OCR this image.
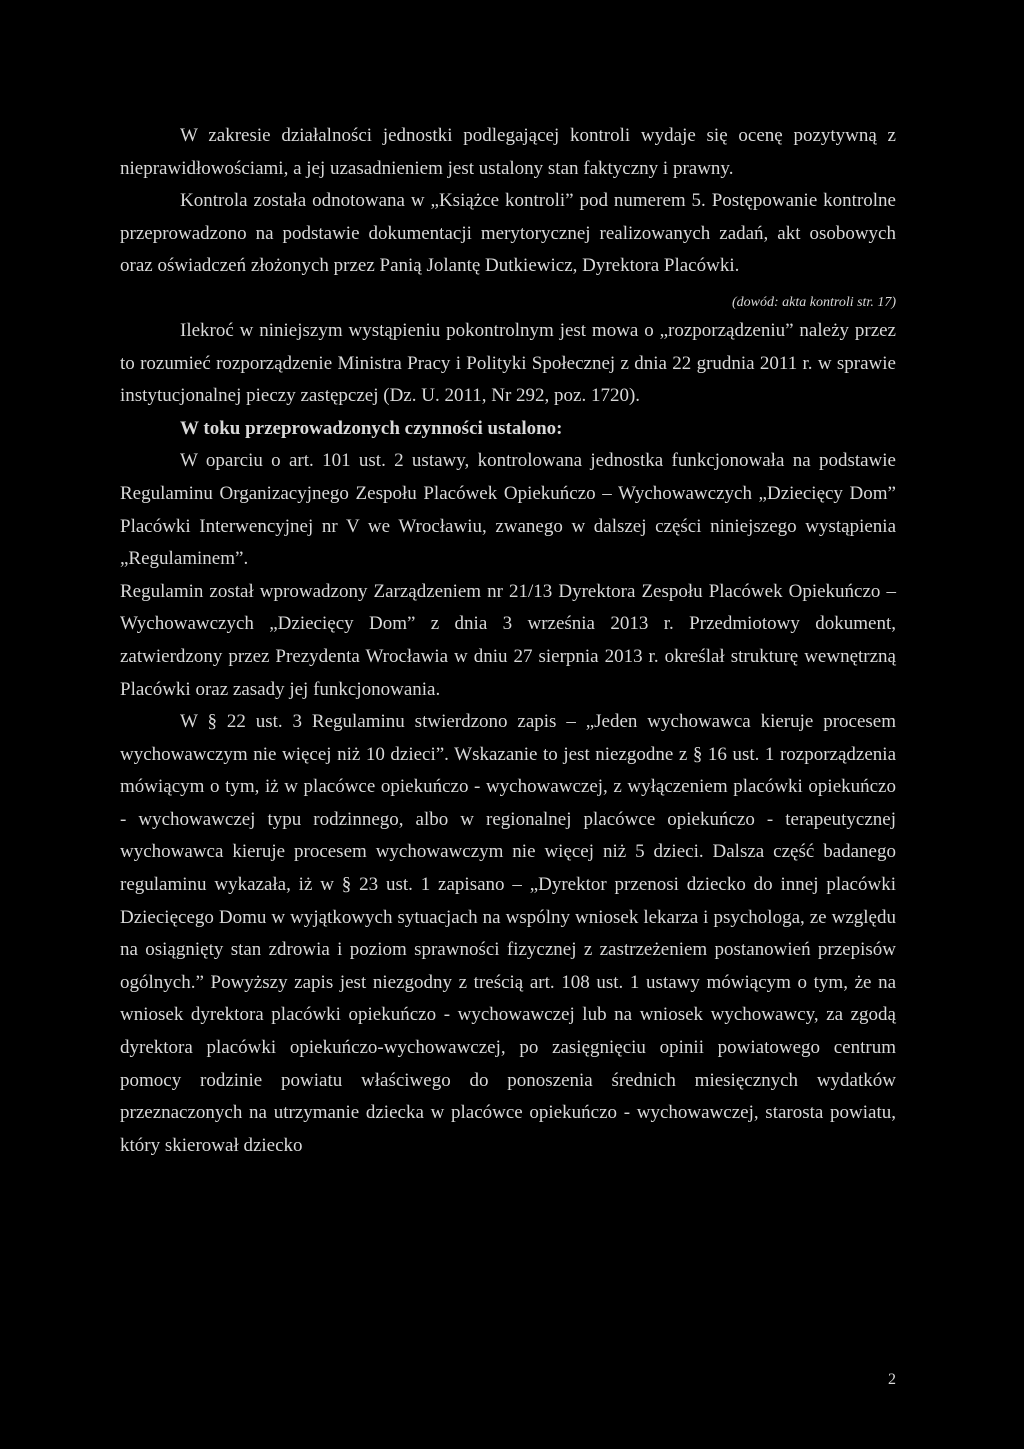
W zakresie działalności jednostki podlegającej kontroli wydaje się ocenę pozytywną z nieprawidłowościami, a jej uzasadnieniem jest ustalony stan faktyczny i prawny.

Kontrola została odnotowana w „Książce kontroli” pod numerem 5. Postępowanie kontrolne przeprowadzono na podstawie dokumentacji merytorycznej realizowanych zadań, akt osobowych oraz oświadczeń złożonych przez Panią Jolantę Dutkiewicz, Dyrektora Placówki.

(dowód: akta kontroli str. 17)

Ilekroć w niniejszym wystąpieniu pokontrolnym jest mowa o „rozporządzeniu” należy przez to rozumieć rozporządzenie Ministra Pracy i Polityki Społecznej z dnia 22 grudnia 2011 r. w sprawie instytucjonalnej pieczy zastępczej (Dz. U. 2011, Nr 292, poz. 1720).

W toku przeprowadzonych czynności ustalono:

W oparciu o art. 101 ust. 2 ustawy, kontrolowana jednostka funkcjonowała na podstawie Regulaminu Organizacyjnego Zespołu Placówek Opiekuńczo – Wychowawczych „Dziecięcy Dom” Placówki Interwencyjnej nr V we Wrocławiu, zwanego w dalszej części niniejszego wystąpienia „Regulaminem”.

Regulamin został wprowadzony Zarządzeniem nr 21/13 Dyrektora Zespołu Placówek Opiekuńczo – Wychowawczych „Dziecięcy Dom” z dnia 3 września 2013 r. Przedmiotowy dokument, zatwierdzony przez Prezydenta Wrocławia w dniu 27 sierpnia 2013 r. określał strukturę wewnętrzną Placówki oraz zasady jej funkcjonowania.

W § 22 ust. 3 Regulaminu stwierdzono zapis – „Jeden wychowawca kieruje procesem wychowawczym nie więcej niż 10 dzieci”. Wskazanie to jest niezgodne z § 16 ust. 1 rozporządzenia mówiącym o tym, iż w placówce opiekuńczo - wychowawczej, z wyłączeniem placówki opiekuńczo - wychowawczej typu rodzinnego, albo w regionalnej placówce opiekuńczo - terapeutycznej wychowawca kieruje procesem wychowawczym nie więcej niż 5 dzieci. Dalsza część badanego regulaminu wykazała, iż w § 23 ust. 1 zapisano – „Dyrektor przenosi dziecko do innej placówki Dziecięcego Domu w wyjątkowych sytuacjach na wspólny wniosek lekarza i psychologa, ze względu na osiągnięty stan zdrowia i poziom sprawności fizycznej z zastrzeżeniem postanowień przepisów ogólnych.” Powyższy zapis jest niezgodny z treścią art. 108 ust. 1 ustawy mówiącym o tym, że na wniosek dyrektora placówki opiekuńczo - wychowawczej lub na wniosek wychowawcy, za zgodą dyrektora placówki opiekuńczo-wychowawczej, po zasięgnięciu opinii powiatowego centrum pomocy rodzinie powiatu właściwego do ponoszenia średnich miesięcznych wydatków przeznaczonych na utrzymanie dziecka w placówce opiekuńczo - wychowawczej, starosta powiatu, który skierował dziecko

2
